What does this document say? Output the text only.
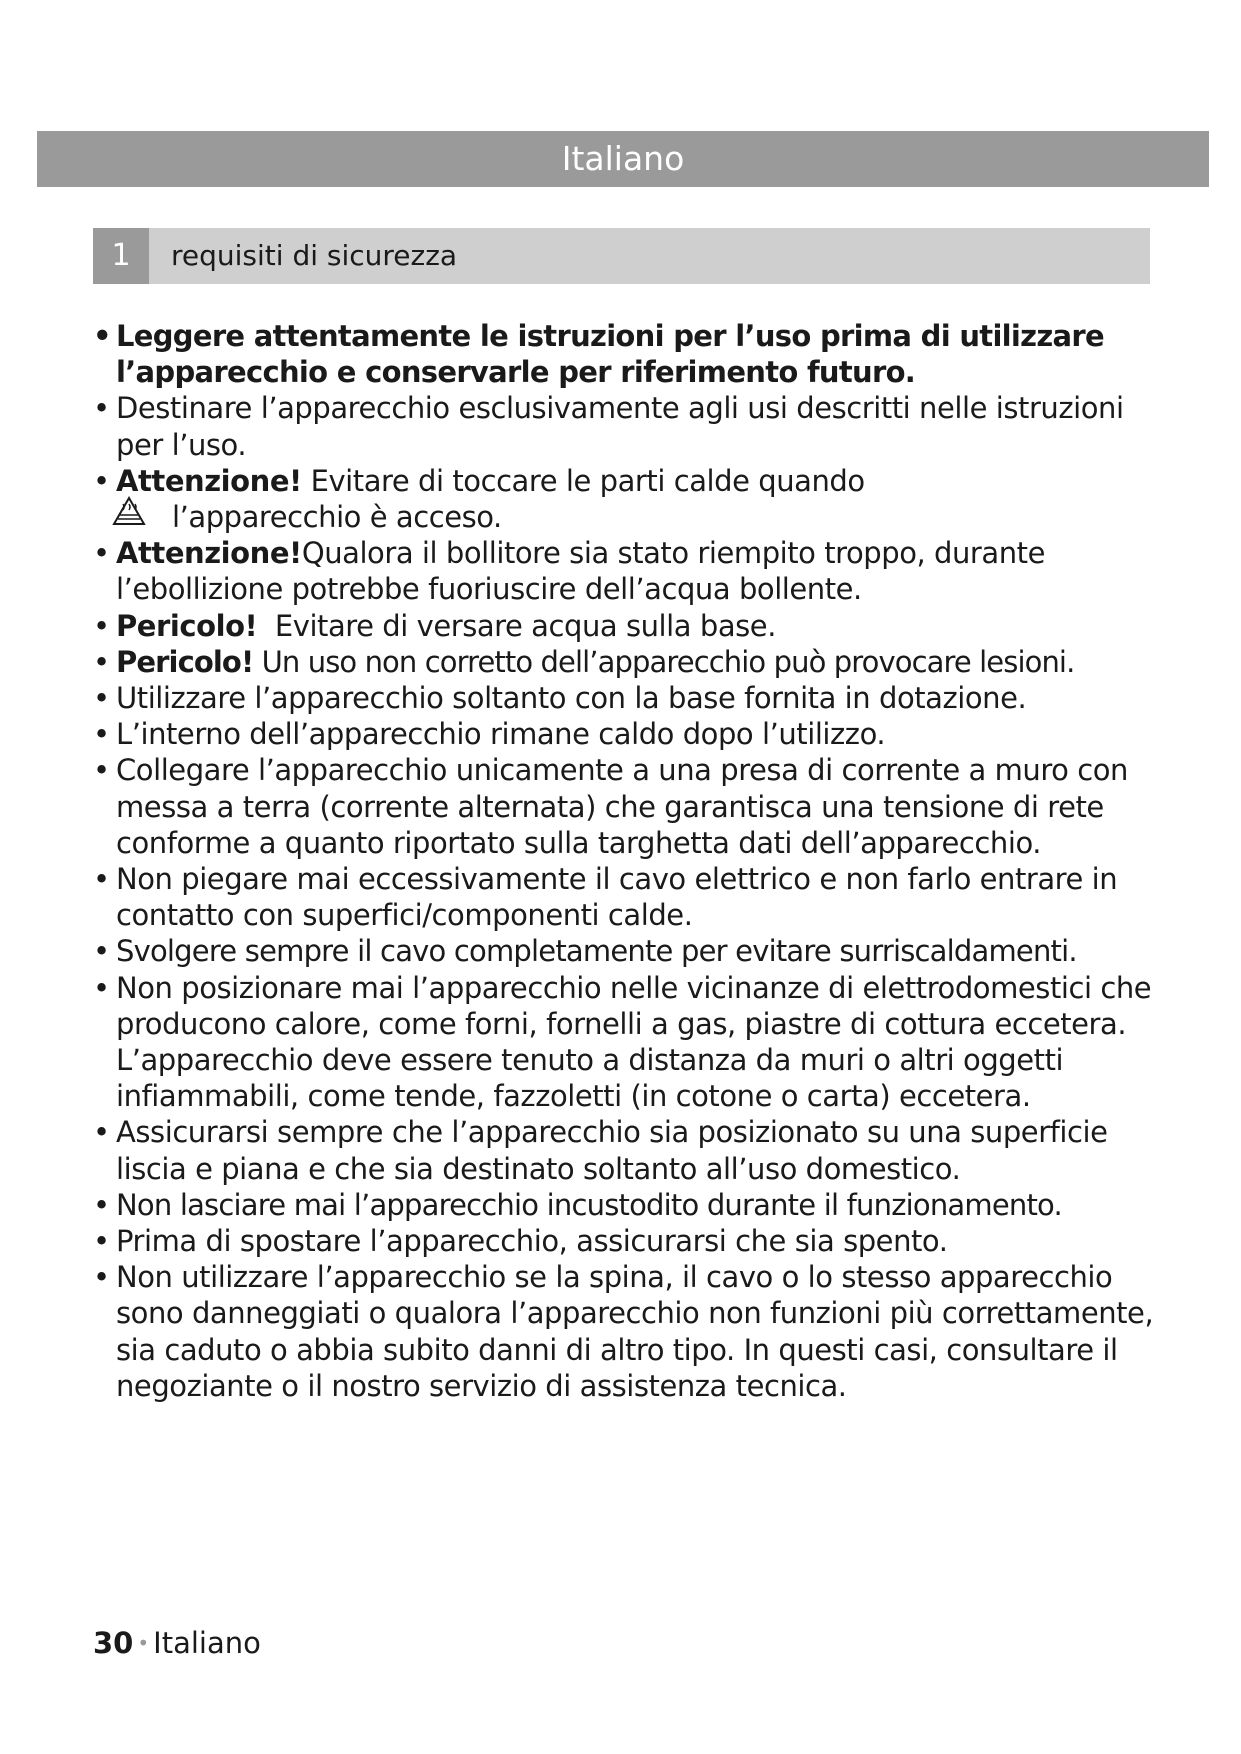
Italiano
1	requisiti di sicurezza
• Leggere attentamente le istruzioni per l’uso prima di utilizzare l’apparecchio e conservarle per riferimento futuro.
• Destinare l’apparecchio esclusivamente agli usi descritti nelle istruzioni per l’uso.
• Attenzione! Evitare di toccare le parti calde quando
l’apparecchio è acceso.
• Attenzione!Qualora il bollitore sia stato riempito troppo, durante l’ebollizione potrebbe fuoriuscire dell’acqua bollente.
• Pericolo!  Evitare di versare acqua sulla base.
• Pericolo! Un uso non corretto dell’apparecchio può provocare lesioni.
• Utilizzare l’apparecchio soltanto con la base fornita in dotazione.
• L’interno dell’apparecchio rimane caldo dopo l’utilizzo.
• Collegare l’apparecchio unicamente a una presa di corrente a muro con messa a terra (corrente alternata) che garantisca una tensione di rete conforme a quanto riportato sulla targhetta dati dell’apparecchio.
• Non piegare mai eccessivamente il cavo elettrico e non farlo entrare in contatto con superfici/componenti calde.
• Svolgere sempre il cavo completamente per evitare surriscaldamenti.
• Non posizionare mai l’apparecchio nelle vicinanze di elettrodomestici che producono calore, come forni, fornelli a gas, piastre di cottura eccetera. L’apparecchio deve essere tenuto a distanza da muri o altri oggetti infiammabili, come tende, fazzoletti (in cotone o carta) eccetera.
• Assicurarsi sempre che l’apparecchio sia posizionato su una superficie liscia e piana e che sia destinato soltanto all’uso domestico.
• Non lasciare mai l’apparecchio incustodito durante il funzionamento.
• Prima di spostare l’apparecchio, assicurarsi che sia spento.
• Non utilizzare l’apparecchio se la spina, il cavo o lo stesso apparecchio sono danneggiati o qualora l’apparecchio non funzioni più correttamente, sia caduto o abbia subito danni di altro tipo. In questi casi, consultare il negoziante o il nostro servizio di assistenza tecnica.
30 • Italiano
